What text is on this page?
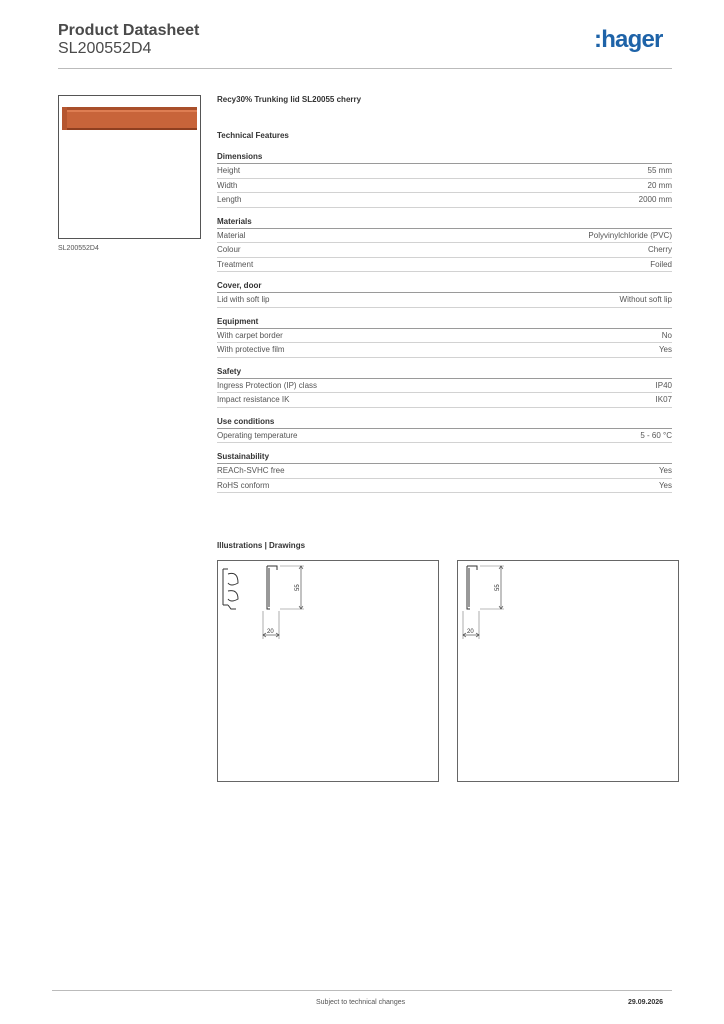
Product Datasheet
SL200552D4	:hager
SL200552D4
Recy30% Trunking lid SL20055 cherry
Technical Features
Dimensions
Height	55 mm
Width	20 mm
Length	2000 mm
Materials
Material	Polyvinylchloride (PVC)
Colour	Cherry
Treatment	Foiled
Cover, door
Lid with soft lip	Without soft lip
Equipment
With carpet border	No
With protective film	Yes
Safety
Ingress Protection (IP) class	IP40
Impact resistance IK	IK07
Use conditions
Operating temperature	5 - 60 °C
Sustainability
REACh-SVHC free	Yes
RoHS conform	Yes
Illustrations | Drawings
55
20
55
20
Subject to technical changes	29.09.2026
